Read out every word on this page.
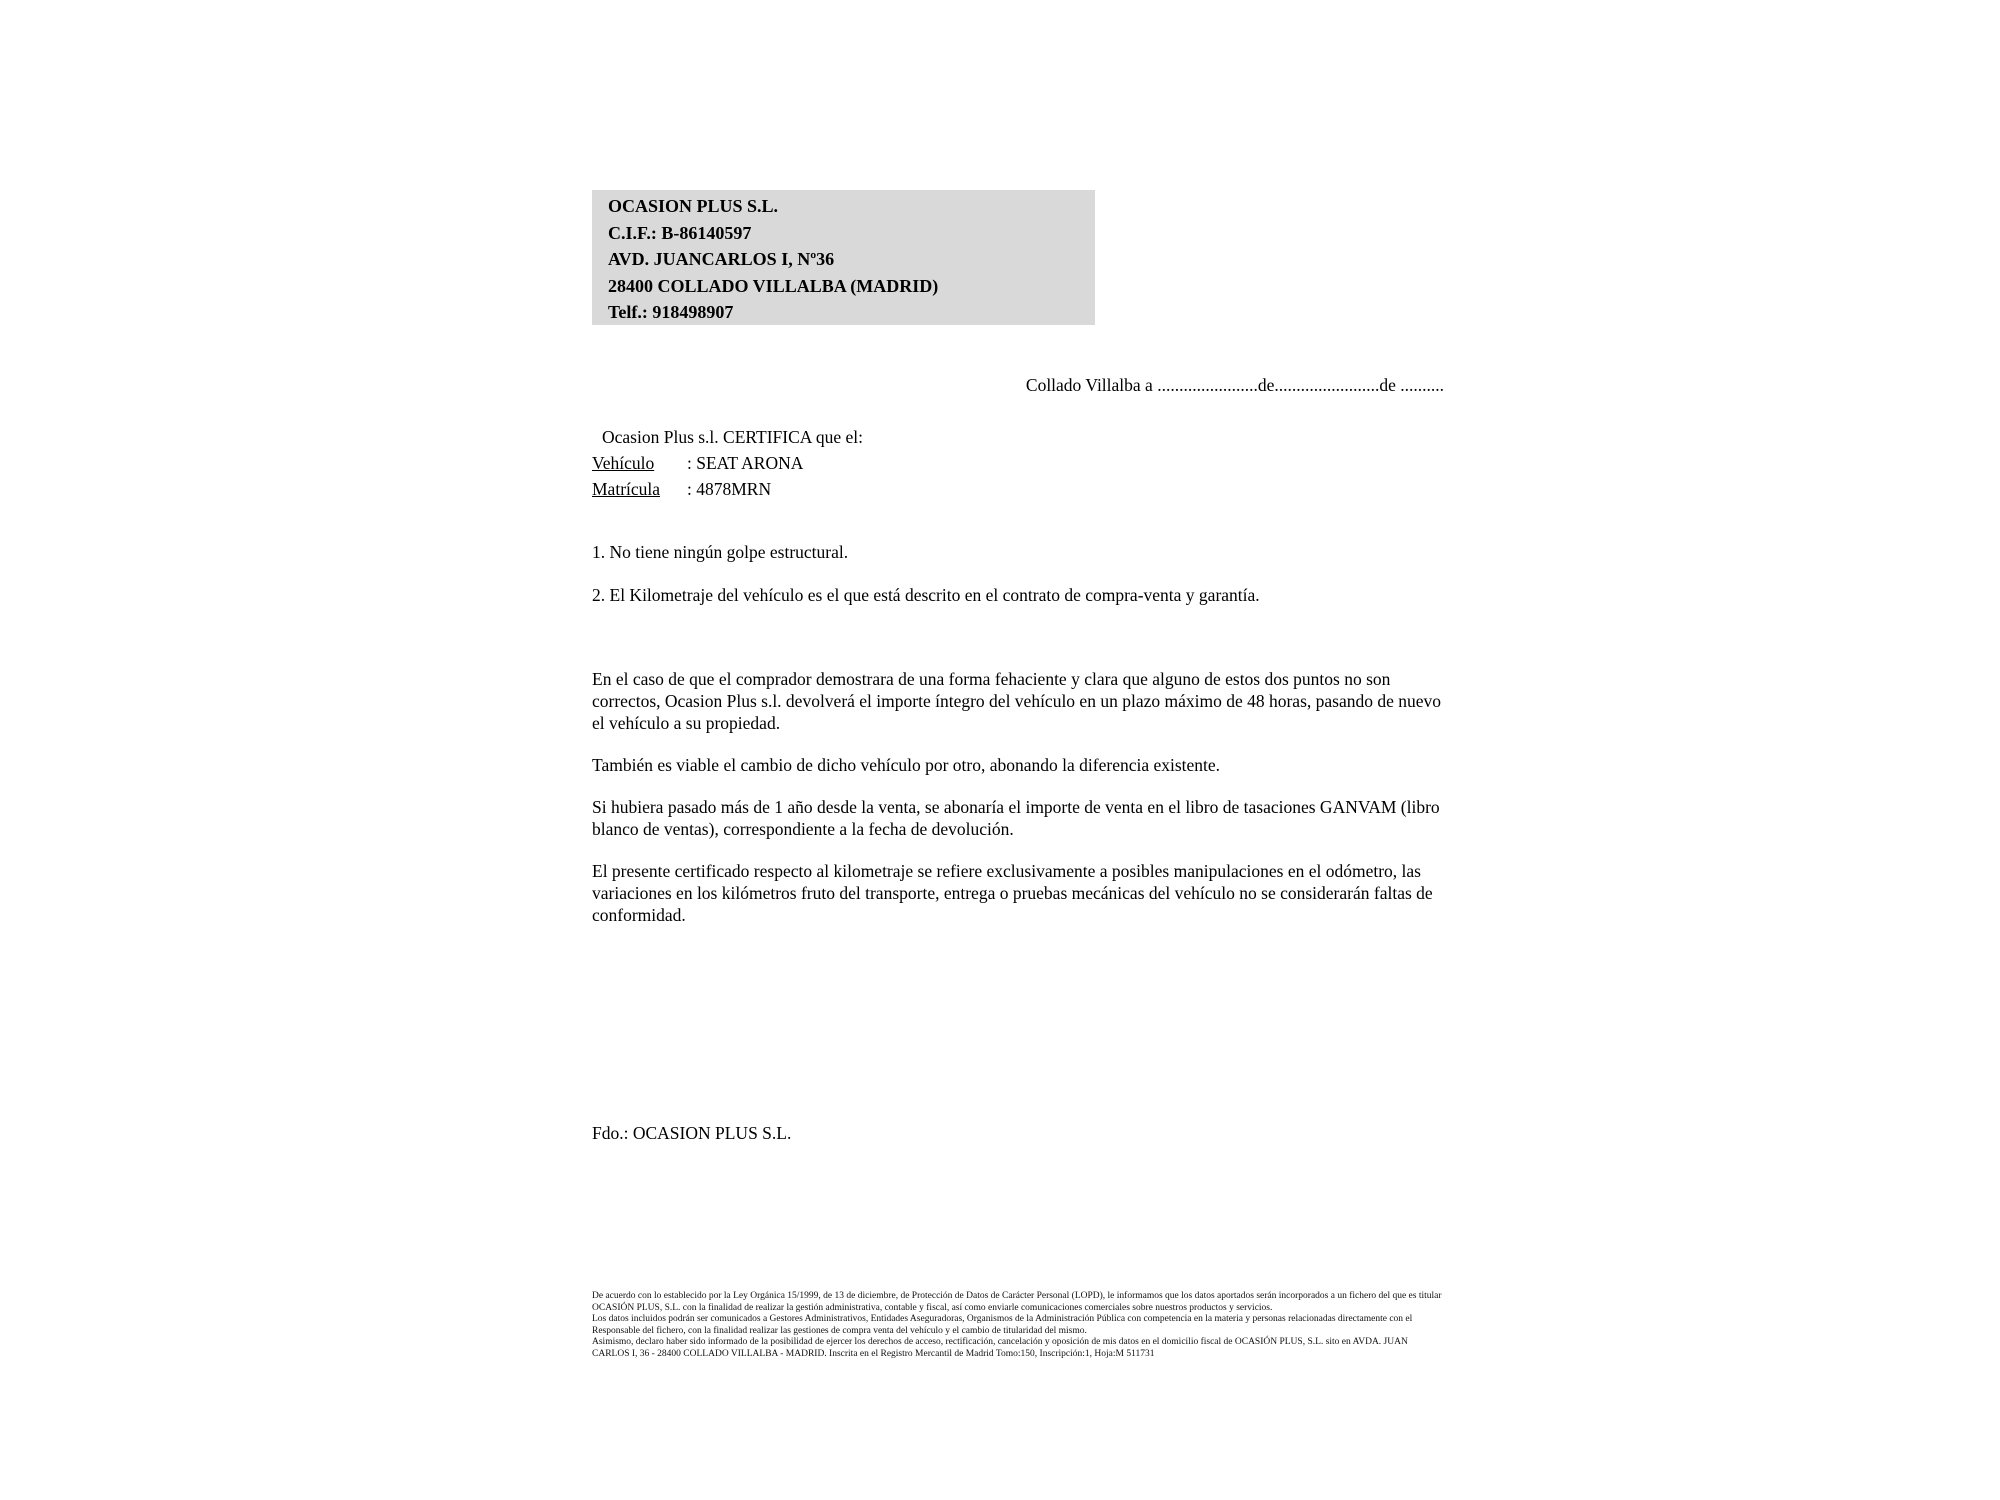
OCASION PLUS S.L.
C.I.F.: B-86140597
AVD. JUANCARLOS I, Nº36
28400 COLLADO VILLALBA (MADRID)
Telf.: 918498907
Collado Villalba a .......................de........................de ..........
Ocasion Plus s.l. CERTIFICA que el:
Vehículo : SEAT ARONA
Matrícula : 4878MRN
1. No tiene ningún golpe estructural.
2. El Kilometraje del vehículo es el que está descrito en el contrato de compra-venta y garantía.

En el caso de que el comprador demostrara de una forma fehaciente y clara que alguno de estos dos puntos no son correctos, Ocasion Plus s.l. devolverá el importe íntegro del vehículo en un plazo máximo de 48 horas, pasando de nuevo el vehículo a su propiedad.

También es viable el cambio de dicho vehículo por otro, abonando la diferencia existente.

Si hubiera pasado más de 1 año desde la venta, se abonaría el importe de venta en el libro de tasaciones GANVAM (libro blanco de ventas), correspondiente a la fecha de devolución.

El presente certificado respecto al kilometraje se refiere exclusivamente a posibles manipulaciones en el odómetro, las variaciones en los kilómetros fruto del transporte, entrega o pruebas mecánicas del vehículo no se considerarán faltas de conformidad.

Fdo.: OCASION PLUS S.L.
De acuerdo con lo establecido por la Ley Orgánica 15/1999, de 13 de diciembre, de Protección de Datos de Carácter Personal (LOPD), le informamos que los datos aportados serán incorporados a un fichero del que es titular
OCASIÓN PLUS, S.L. con la finalidad de realizar la gestión administrativa, contable y fiscal, así como enviarle comunicaciones comerciales sobre nuestros productos y servicios.
Los datos incluidos podrán ser comunicados a Gestores Administrativos, Entidades Aseguradoras, Organismos de la Administración Pública con competencia en la materia y personas relacionadas directamente con el
Responsable del fichero, con la finalidad realizar las gestiones de compra venta del vehículo y el cambio de titularidad del mismo.
Asimismo, declaro haber sido informado de la posibilidad de ejercer los derechos de acceso, rectificación, cancelación y oposición de mis datos en el domicilio fiscal de OCASIÓN PLUS, S.L. sito en AVDA. JUAN
CARLOS I, 36 - 28400 COLLADO VILLALBA - MADRID. Inscrita en el Registro Mercantil de Madrid Tomo:150, Inscripción:1, Hoja:M 511731
